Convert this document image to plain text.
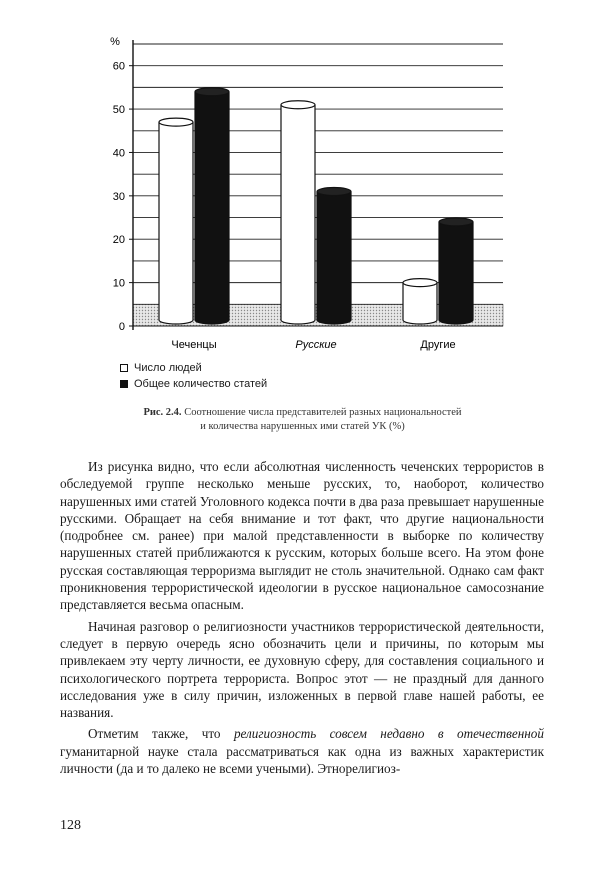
0
10
20
30
40
50
60
%
Чеченцы	Русские	Другие
Число людей
Общее количество статей
Рис. 2.4. Соотношение числа представителей разных национальностей
и количества нарушенных ими статей УК (%)

Из рисунка видно, что если абсолютная численность чеченских террористов в обследуемой группе несколько меньше русских, то, наоборот, количество нарушенных ими статей Уголовного кодекса почти в два раза превышает нарушенные русскими. Обращает на себя внимание и тот факт, что другие национальности (подробнее см. ранее) при малой представленности в выборке по количеству нарушенных статей приближаются к русским, которых больше всего. На этом фоне русская составляющая терроризма выглядит не столь значительной. Однако сам факт проникновения террористической идеологии в русское национальное самосознание представляется весьма опасным.

Начиная разговор о религиозности участников террористической деятельности, следует в первую очередь ясно обозначить цели и причины, по которым мы привлекаем эту черту личности, ее духовную сферу, для составления социального и психологического портрета террориста. Вопрос этот — не праздный для данного исследования уже в силу причин, изложенных в первой главе нашей работы, ее названия.

Отметим также, что религиозность совсем недавно в отечественной гуманитарной науке стала рассматриваться как одна из важных характеристик личности (да и то далеко не всеми учеными). Этнорелигиоз-

128
